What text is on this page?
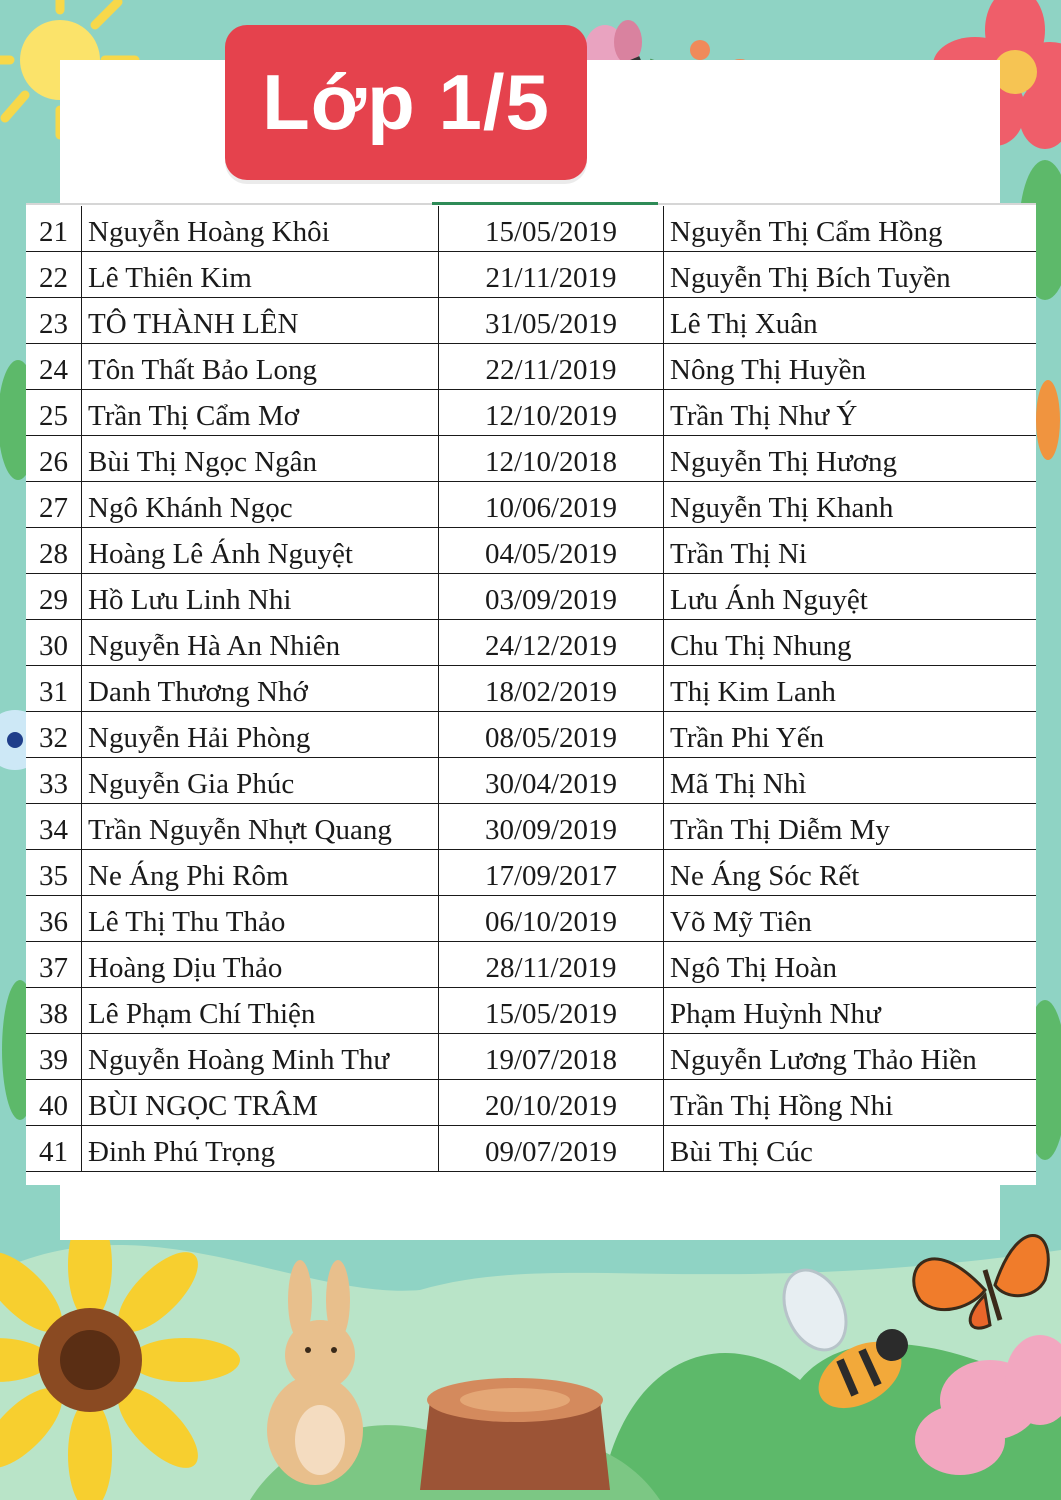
Lớp 1/5
21	Nguyễn Hoàng Khôi	15/05/2019	Nguyễn Thị Cẩm Hồng
22	Lê Thiên Kim	21/11/2019	Nguyễn Thị Bích Tuyền
23	TÔ THÀNH LÊN	31/05/2019	Lê Thị Xuân
24	Tôn Thất Bảo Long	22/11/2019	Nông Thị Huyền
25	Trần Thị Cẩm Mơ	12/10/2019	Trần Thị Như Ý
26	Bùi Thị Ngọc Ngân	12/10/2018	Nguyễn Thị Hương
27	Ngô Khánh Ngọc	10/06/2019	Nguyễn Thị Khanh
28	Hoàng Lê Ánh Nguyệt	04/05/2019	Trần Thị Ni
29	Hồ Lưu Linh Nhi	03/09/2019	Lưu Ánh Nguyệt
30	Nguyễn Hà An Nhiên	24/12/2019	Chu Thị Nhung
31	Danh Thương Nhớ	18/02/2019	Thị Kim Lanh
32	Nguyễn Hải Phòng	08/05/2019	Trần Phi Yến
33	Nguyễn Gia Phúc	30/04/2019	Mã Thị Nhì
34	Trần Nguyễn Nhựt Quang	30/09/2019	Trần Thị Diễm My
35	Ne Áng Phi Rôm	17/09/2017	Ne Áng Sóc Rết
36	Lê Thị Thu Thảo	06/10/2019	Võ Mỹ Tiên
37	Hoàng Dịu Thảo	28/11/2019	Ngô Thị Hoàn
38	Lê Phạm Chí Thiện	15/05/2019	Phạm Huỳnh Như
39	Nguyễn Hoàng Minh Thư	19/07/2018	Nguyễn Lương Thảo Hiền
40	BÙI NGỌC TRÂM	20/10/2019	Trần Thị Hồng Nhi
41	Đinh Phú Trọng	09/07/2019	Bùi Thị Cúc
